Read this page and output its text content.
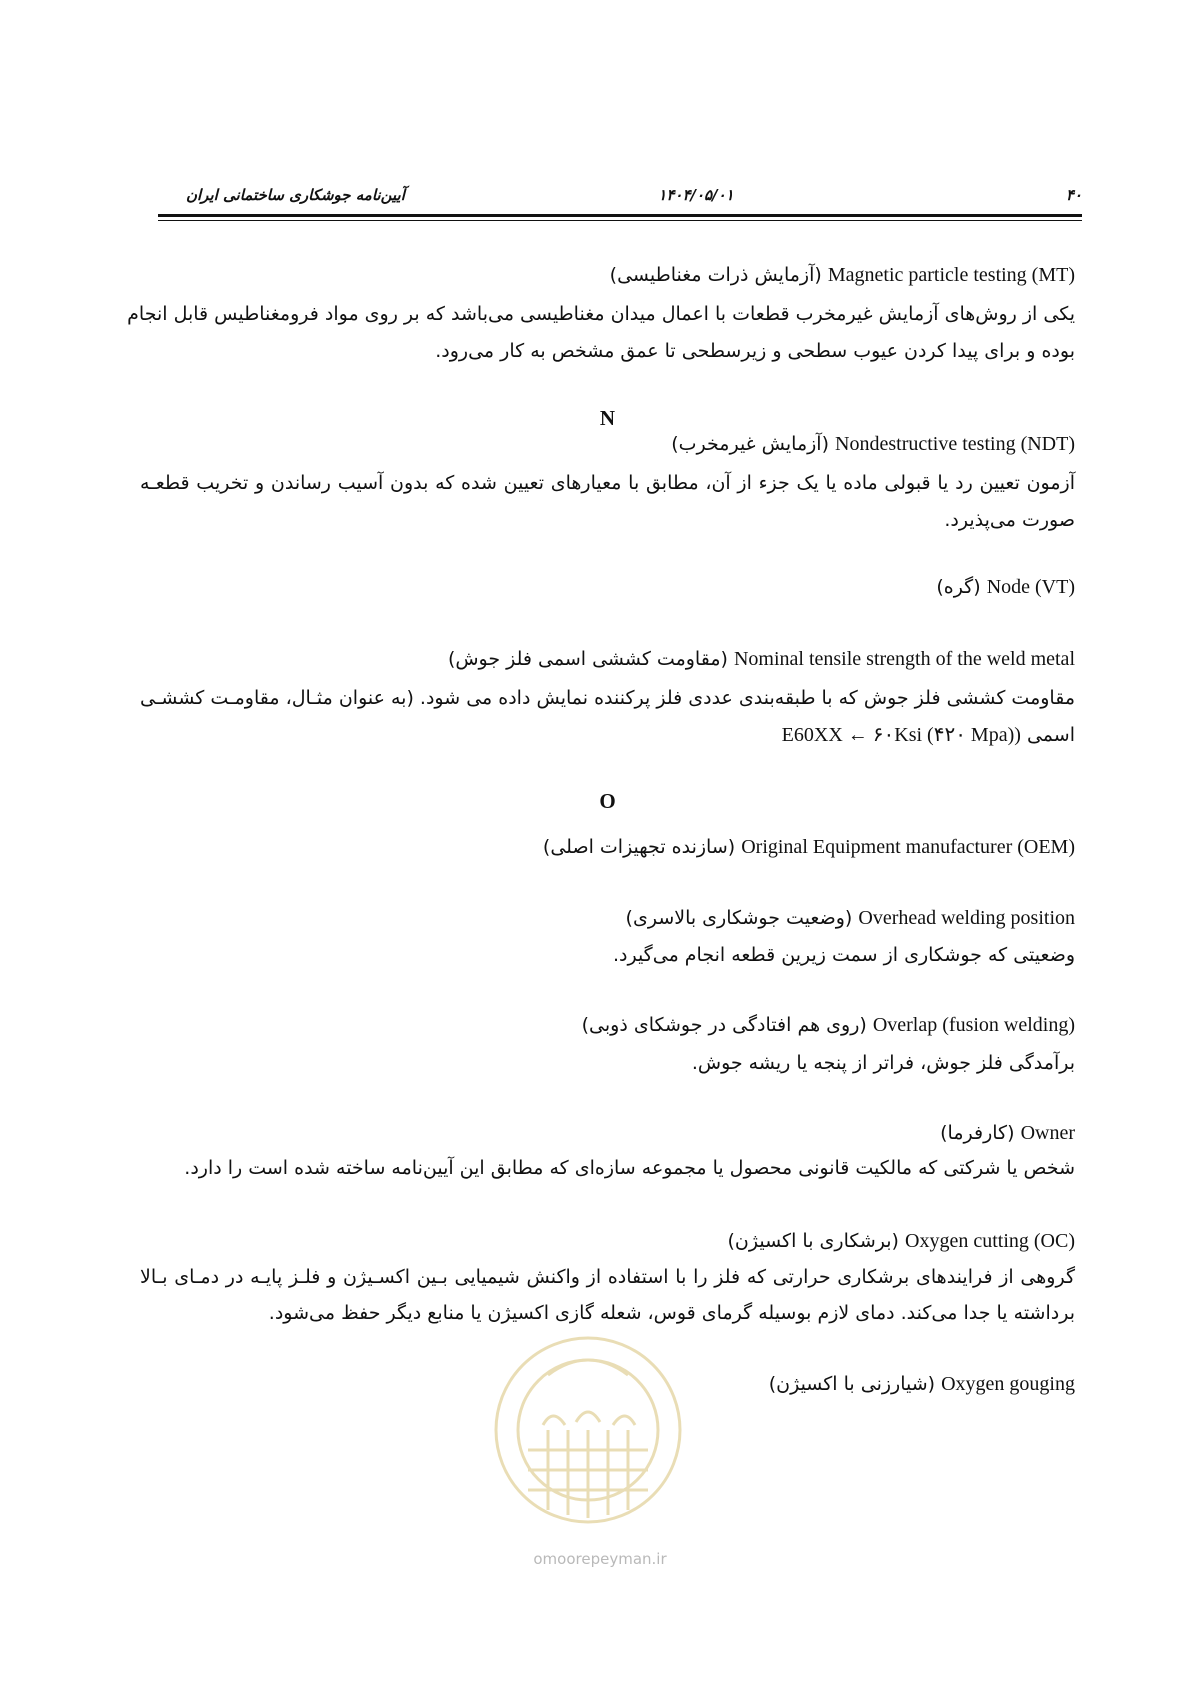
۴۰
۱۴۰۴/۰۵/۰۱
آیین‌نامه جوشکاری ساختمانی ایران
Magnetic particle testing (MT) (آزمایش ذرات مغناطیسی)
یکی از روش‌های آزمایش غیرمخرب قطعات با اعمال میدان مغناطیسی می‌باشد که بر روی مواد فرومغناطیس قابل انجام
بوده و برای پیدا کردن عیوب سطحی و زیرسطحی تا عمق مشخص به کار می‌رود.
N
Nondestructive testing (NDT) (آزمایش غیرمخرب)
آزمون تعیین رد یا قبولی ماده یا یک جزء از آن، مطابق با معیارهای تعیین شده که بدون آسیب رساندن و تخریب قطعـه
صورت می‌پذیرد.
Node (VT) (گره)
Nominal tensile strength of the weld metal (مقاومت کششی اسمی فلز جوش)
مقاومت کششی فلز جوش که با طبقه‌بندی عددی فلز پرکننده نمایش داده می شود. (به عنوان مثـال، مقاومـت کششـی
اسمی E60XX ← ۶۰Ksi (۴۲۰ Mpa))
O
Original Equipment manufacturer (OEM) (سازنده تجهیزات اصلی)
Overhead welding position (وضعیت جوشکاری بالاسری)
وضعیتی که جوشکاری از سمت زیرین قطعه انجام می‌گیرد.
Overlap (fusion welding) (روی هم افتادگی در جوشکای ذوبی)
برآمدگی فلز جوش، فراتر از پنجه یا ریشه جوش.
Owner (کارفرما)
شخص یا شرکتی که مالکیت قانونی محصول یا مجموعه سازه‌ای که مطابق این آیین‌نامه ساخته شده است را دارد.
Oxygen cutting (OC) (برشکاری با اکسیژن)
گروهی از فرایندهای برشکاری حرارتی که فلز را با استفاده از واکنش شیمیایی بـین اکسـیژن و فلـز پایـه در دمـای بـالا
برداشته یا جدا می‌کند. دمای لازم بوسیله گرمای قوس، شعله گازی اکسیژن یا منابع دیگر حفظ می‌شود.
Oxygen gouging (شیارزنی با اکسیژن)
omoorepeyman.ir
